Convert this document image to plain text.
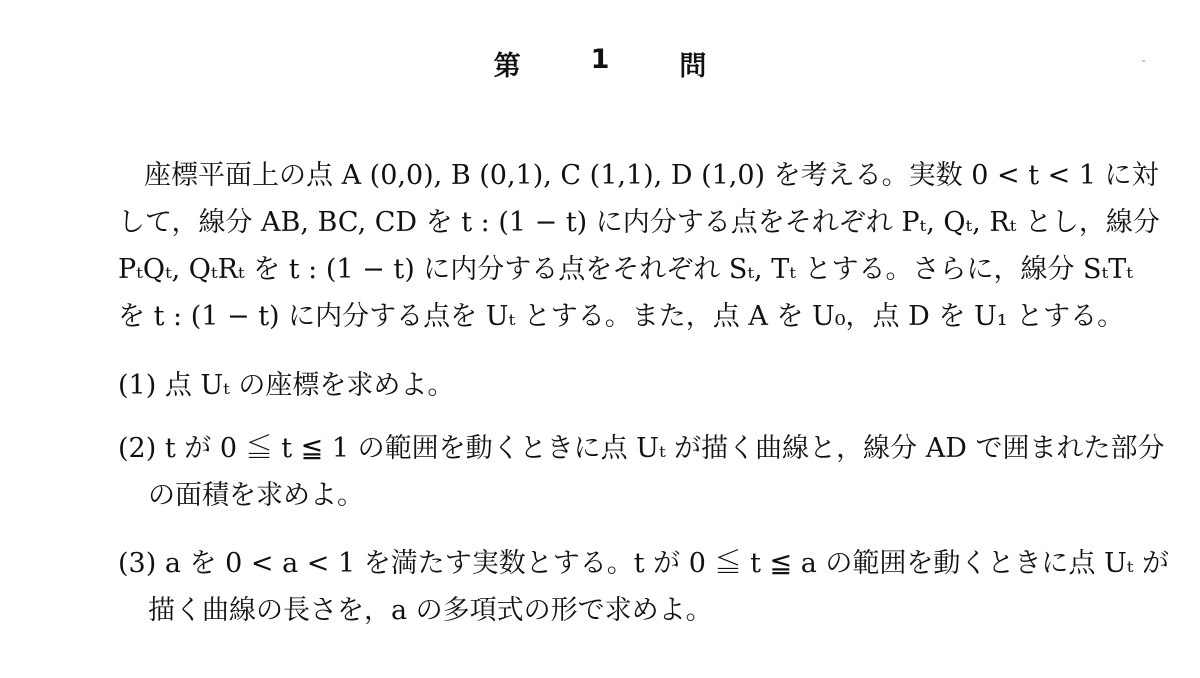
第	1	問
座標平面上の点 A (0,0), B (0,1), C (1,1), D (1,0) を考える。実数 0 < t < 1 に対
して，線分 AB, BC, CD を t : (1 − t) に内分する点をそれぞれ Pₜ, Qₜ, Rₜ とし，線分
PₜQₜ, QₜRₜ を t : (1 − t) に内分する点をそれぞれ Sₜ, Tₜ とする。さらに，線分 SₜTₜ
を t : (1 − t) に内分する点を Uₜ とする。また，点 A を U₀，点 D を U₁ とする。
(1) 点 Uₜ の座標を求めよ。
(2) t が 0 ≦ t ≦ 1 の範囲を動くときに点 Uₜ が描く曲線と，線分 AD で囲まれた部分
の面積を求めよ。
(3) a を 0 < a < 1 を満たす実数とする。t が 0 ≦ t ≦ a の範囲を動くときに点 Uₜ が
描く曲線の長さを，a の多項式の形で求めよ。
